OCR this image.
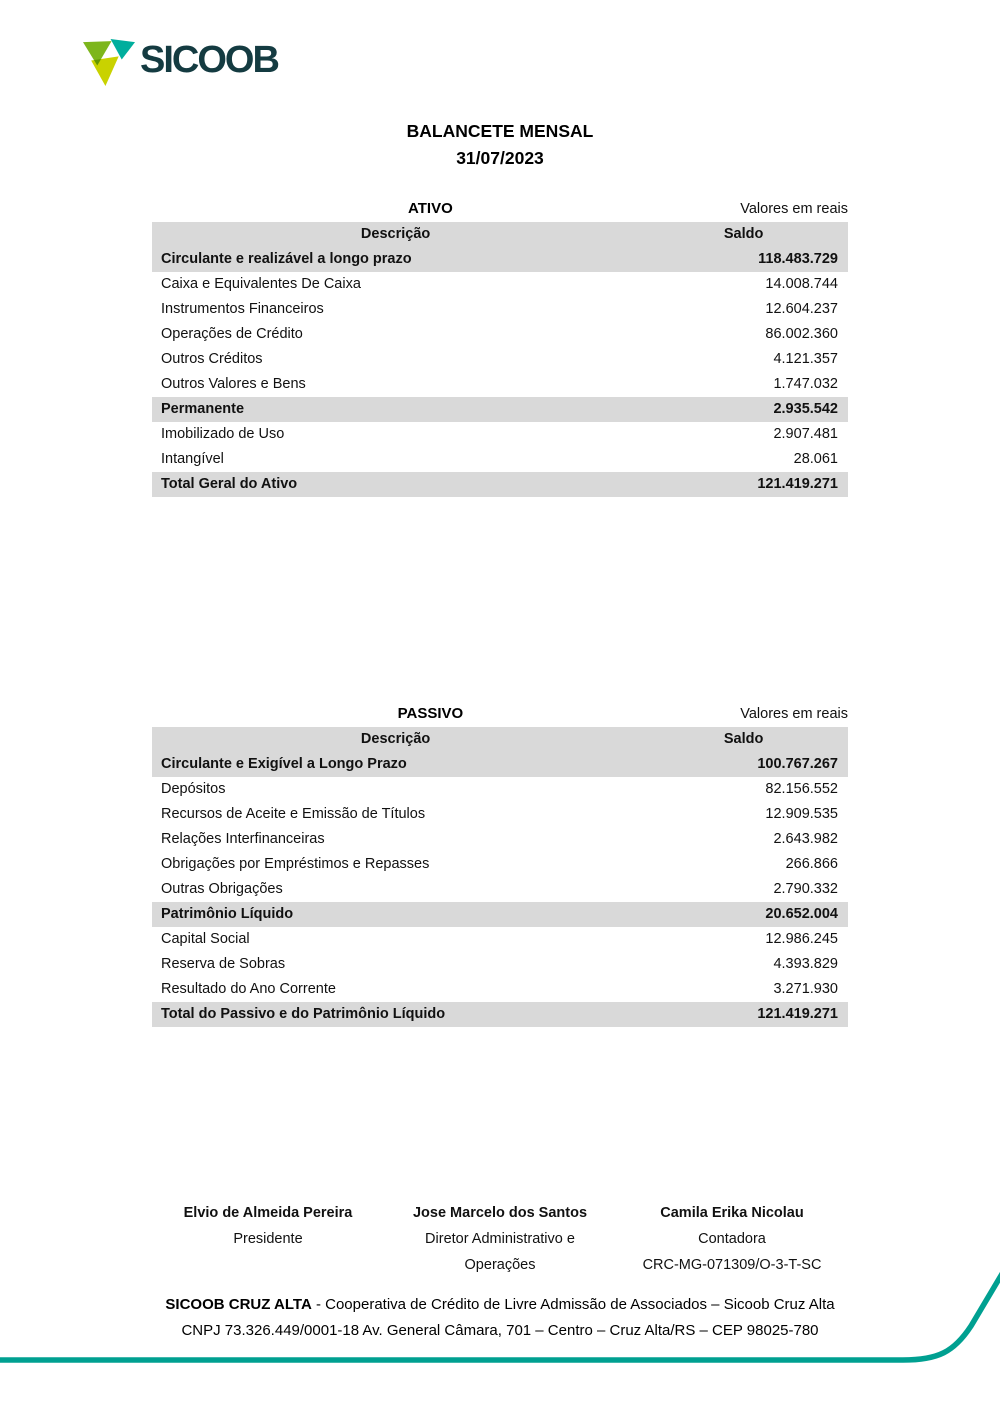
SICOOB
BALANCETE MENSAL
31/07/2023
ATIVO	Valores em reais
Descrição	Saldo
Circulante e realizável a longo prazo	118.483.729
Caixa e Equivalentes De Caixa	14.008.744
Instrumentos Financeiros	12.604.237
Operações de Crédito	86.002.360
Outros Créditos	4.121.357
Outros Valores e Bens	1.747.032
Permanente	2.935.542
Imobilizado de Uso	2.907.481
Intangível	28.061
Total Geral do Ativo	121.419.271
PASSIVO	Valores em reais
Descrição	Saldo
Circulante e Exigível a Longo Prazo	100.767.267
Depósitos	82.156.552
Recursos de Aceite e Emissão de Títulos	12.909.535
Relações Interfinanceiras	2.643.982
Obrigações por Empréstimos e Repasses	266.866
Outras Obrigações	2.790.332
Patrimônio Líquido	20.652.004
Capital Social	12.986.245
Reserva de Sobras	4.393.829
Resultado do Ano Corrente	3.271.930
Total do Passivo e do Patrimônio Líquido	121.419.271
Elvio de Almeida Pereira
Presidente
Jose Marcelo dos Santos
Diretor Administrativo e
Operações
Camila Erika Nicolau
Contadora
CRC-MG-071309/O-3-T-SC
SICOOB CRUZ ALTA - Cooperativa de Crédito de Livre Admissão de Associados – Sicoob Cruz Alta
CNPJ 73.326.449/0001-18 Av. General Câmara, 701 – Centro – Cruz Alta/RS – CEP 98025-780
